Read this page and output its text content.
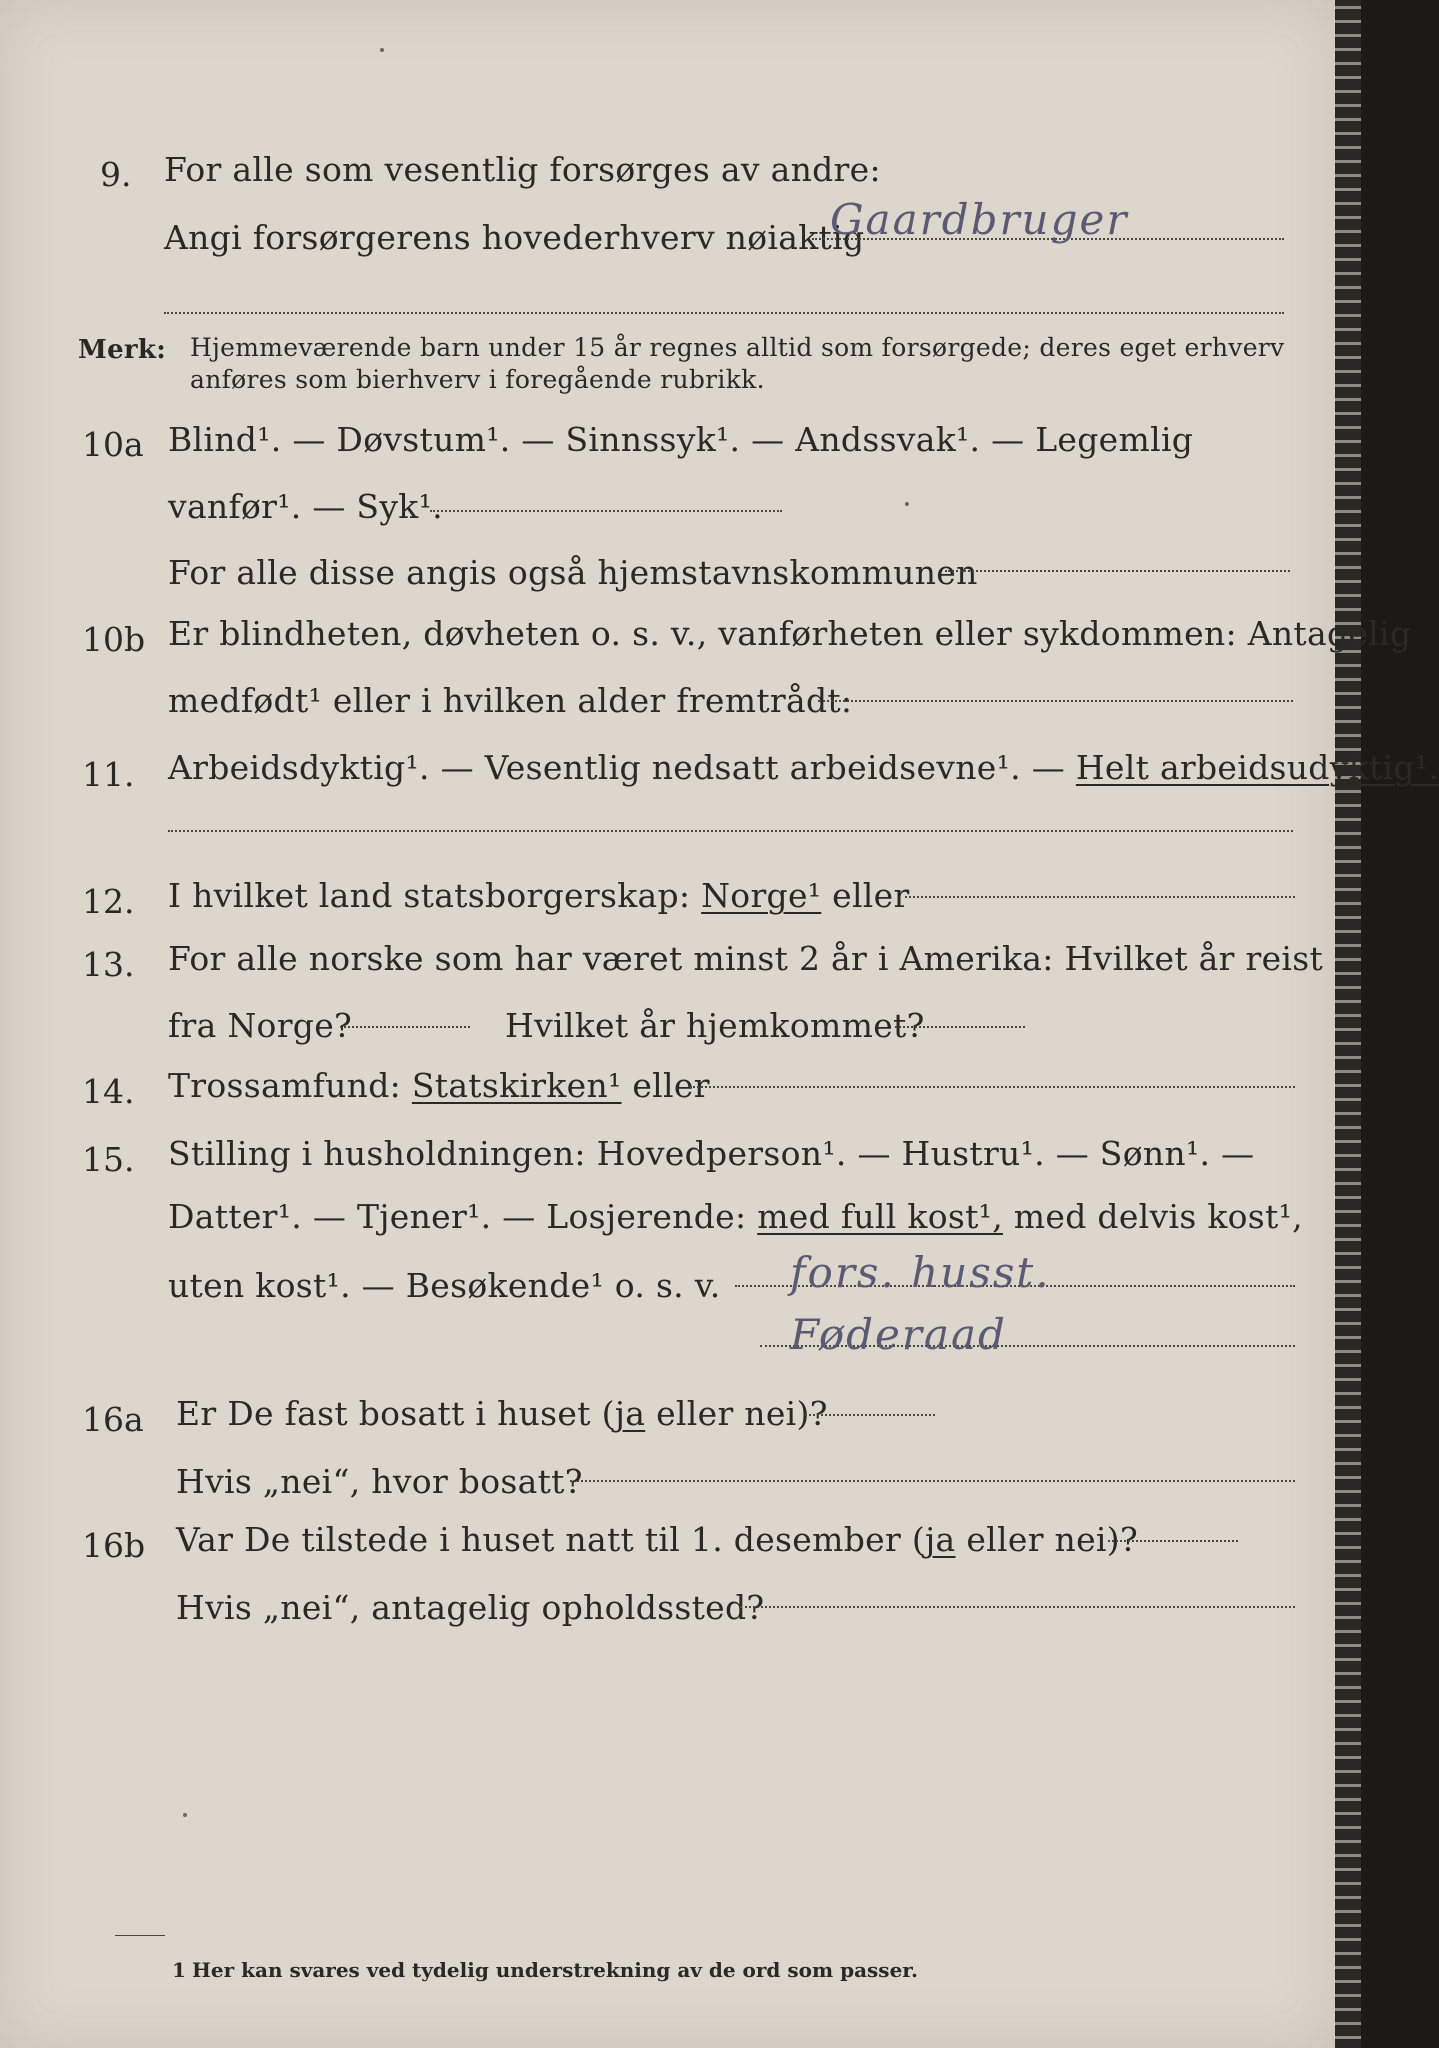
9. For alle som vesentlig forsørges av andre:
Angi forsørgerens hovederhverv nøiaktig
Gaardbruger
Merk: Hjemmeværende barn under 15 år regnes alltid som forsørgede; deres eget erhverv
anføres som bierhverv i foregående rubrikk.
10a Blind¹. — Døvstum¹. — Sinnssyk¹. — Andssvak¹. — Legemlig
vanfør¹. — Syk¹.
For alle disse angis også hjemstavnskommunen
10b Er blindheten, døvheten o. s. v., vanførheten eller sykdommen: Antagelig
medfødt¹ eller i hvilken alder fremtrådt:
11. Arbeidsdyktig¹. — Vesentlig nedsatt arbeidsevne¹. — Helt arbeidsudyktig¹.
12. I hvilket land statsborgerskap: Norge¹ eller
13. For alle norske som har været minst 2 år i Amerika: Hvilket år reist
fra Norge?	Hvilket år hjemkommet?
14. Trossamfund: Statskirken¹ eller
15. Stilling i husholdningen: Hovedperson¹. — Hustru¹. — Sønn¹. —
Datter¹. — Tjener¹. — Losjerende: med full kost¹, med delvis kost¹,
uten kost¹. — Besøkende¹ o. s. v. fors. husst.
Føderaad
16a Er De fast bosatt i huset (ja eller nei)?
Hvis „nei“, hvor bosatt?
16b Var De tilstede i huset natt til 1. desember (ja eller nei)?
Hvis „nei“, antagelig opholdssted?
1 Her kan svares ved tydelig understrekning av de ord som passer.
